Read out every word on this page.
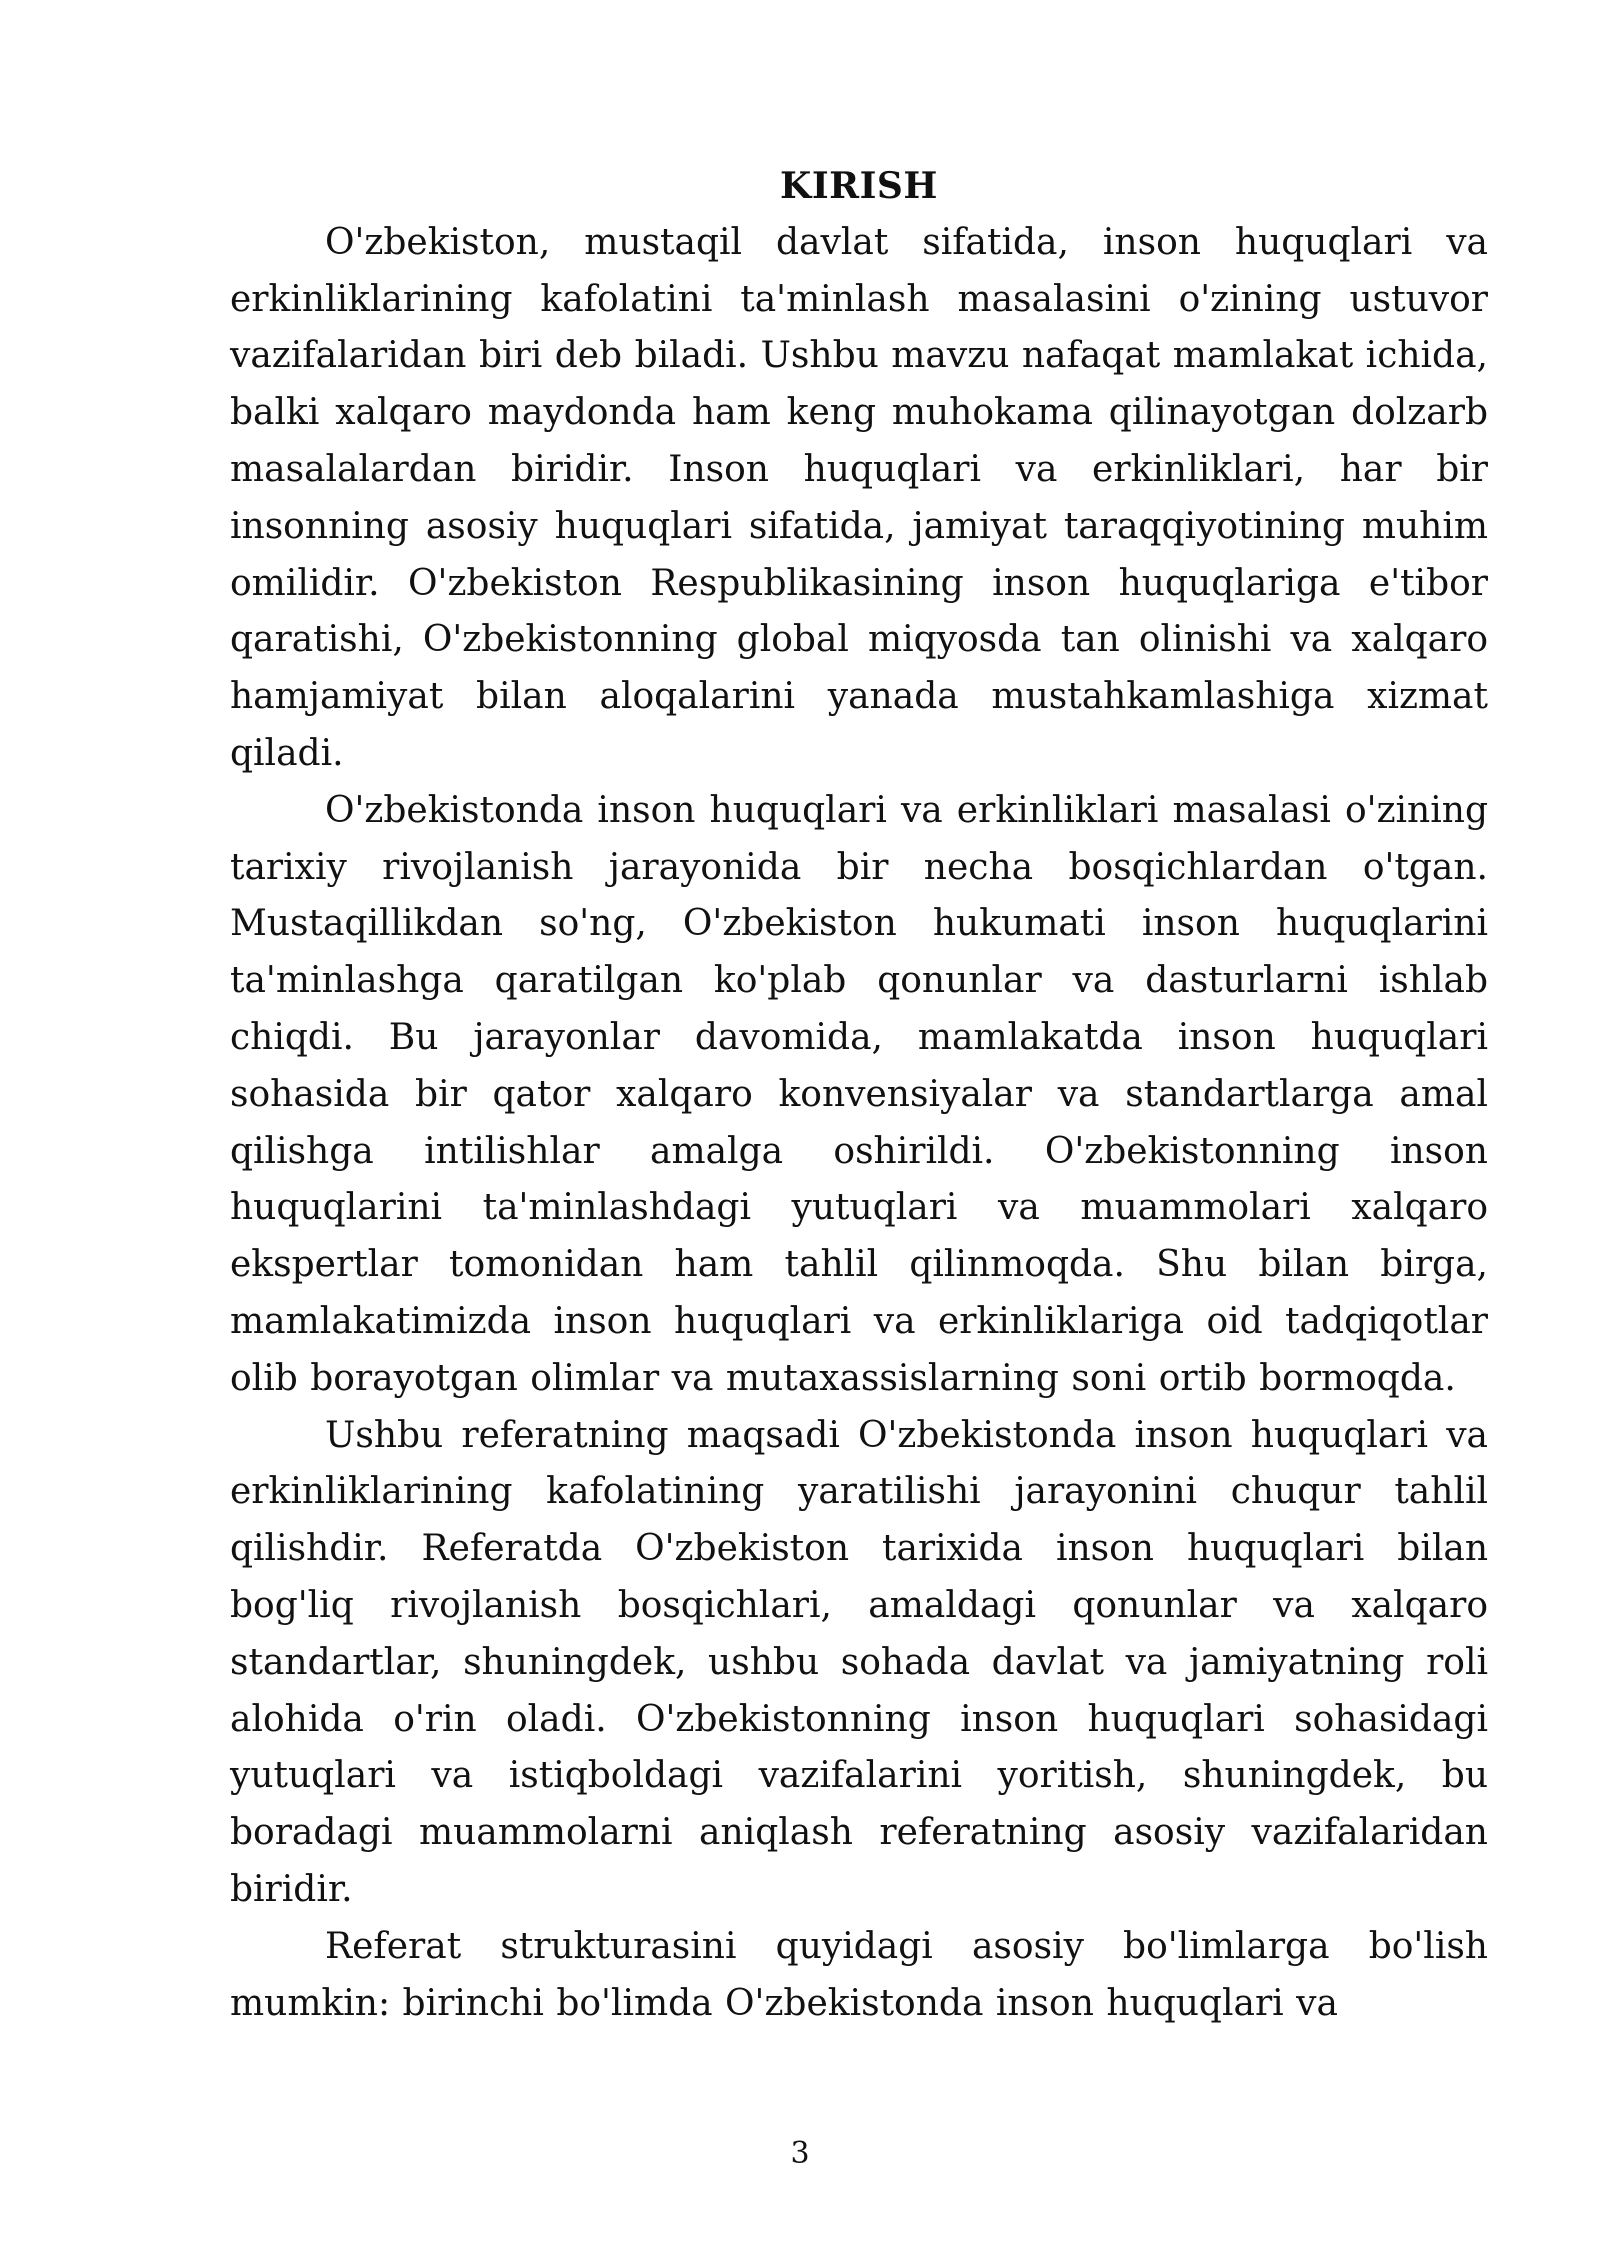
KIRISH

O'zbekiston, mustaqil davlat sifatida, inson huquqlari va erkinliklarining kafolatini ta'minlash masalasini o'zining ustuvor vazifalaridan biri deb biladi. Ushbu mavzu nafaqat mamlakat ichida, balki xalqaro maydonda ham keng muhokama qilinayotgan dolzarb masalalardan biridir. Inson huquqlari va erkinliklari, har bir insonning asosiy huquqlari sifatida, jamiyat taraqqiyotining muhim omilidir. O'zbekiston Respublikasining inson huquqlariga e'tibor qaratishi, O'zbekistonning global miqyosda tan olinishi va xalqaro hamjamiyat bilan aloqalarini yanada mustahkamlashiga xizmat qiladi.

O'zbekistonda inson huquqlari va erkinliklari masalasi o'zining tarixiy rivojlanish jarayonida bir necha bosqichlardan o'tgan. Mustaqillikdan so'ng, O'zbekiston hukumati inson huquqlarini ta'minlashga qaratilgan ko'plab qonunlar va dasturlarni ishlab chiqdi. Bu jarayonlar davomida, mamlakatda inson huquqlari sohasida bir qator xalqaro konvensiyalar va standartlarga amal qilishga intilishlar amalga oshirildi. O'zbekistonning inson huquqlarini ta'minlashdagi yutuqlari va muammolari xalqaro ekspertlar tomonidan ham tahlil qilinmoqda. Shu bilan birga, mamlakatimizda inson huquqlari va erkinliklariga oid tadqiqotlar olib borayotgan olimlar va mutaxassislarning soni ortib bormoqda.

Ushbu referatning maqsadi O'zbekistonda inson huquqlari va erkinliklarining kafolatining yaratilishi jarayonini chuqur tahlil qilishdir. Referatda O'zbekiston tarixida inson huquqlari bilan bog'liq rivojlanish bosqichlari, amaldagi qonunlar va xalqaro standartlar, shuningdek, ushbu sohada davlat va jamiyatning roli alohida o'rin oladi. O'zbekistonning inson huquqlari sohasidagi yutuqlari va istiqboldagi vazifalarini yoritish, shuningdek, bu boradagi muammolarni aniqlash referatning asosiy vazifalaridan biridir.

Referat strukturasini quyidagi asosiy bo'limlarga bo'lish mumkin: birinchi bo'limda O'zbekistonda inson huquqlari va

3
